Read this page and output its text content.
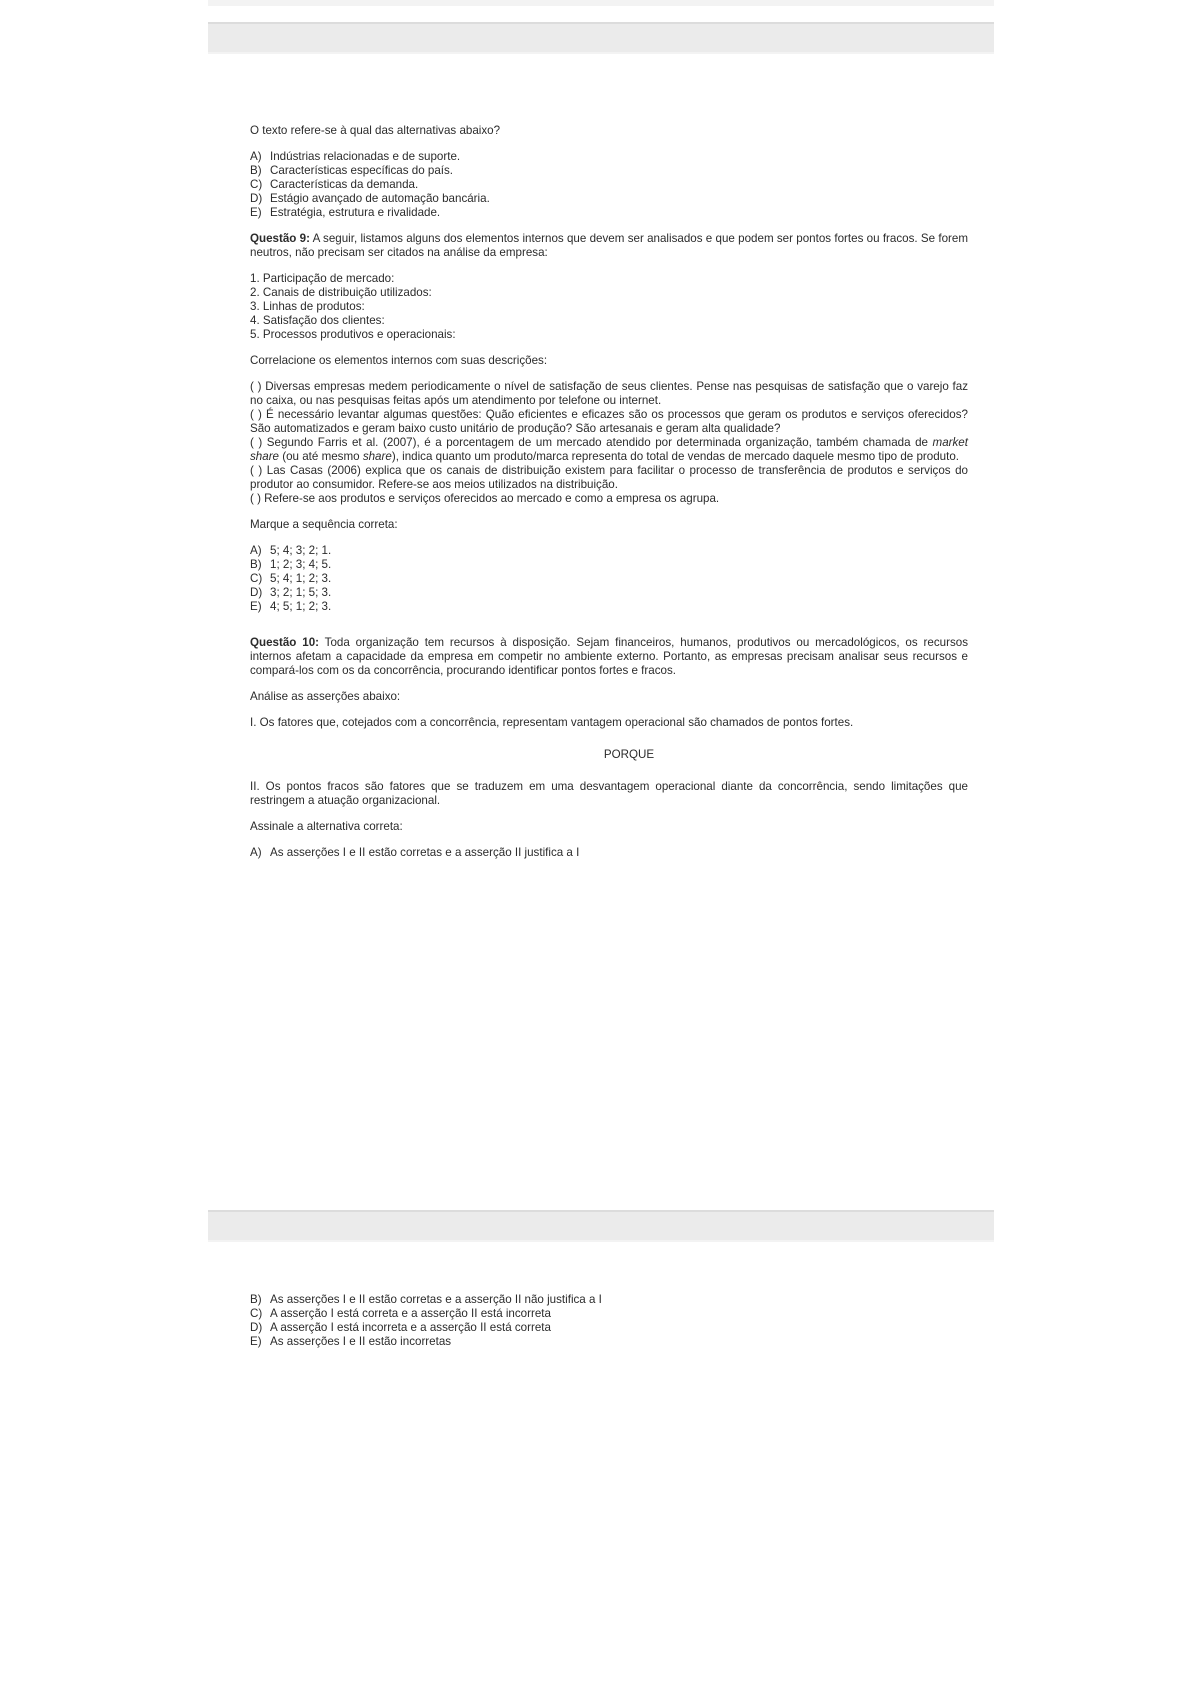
O texto refere-se à qual das alternativas abaixo?

A) Indústrias relacionadas e de suporte.
B) Características específicas do país.
C) Características da demanda.
D) Estágio avançado de automação bancária.
E) Estratégia, estrutura e rivalidade.

Questão 9: A seguir, listamos alguns dos elementos internos que devem ser analisados e que podem ser pontos fortes ou fracos. Se forem neutros, não precisam ser citados na análise da empresa:

1. Participação de mercado:
2. Canais de distribuição utilizados:
3. Linhas de produtos:
4. Satisfação dos clientes:
5. Processos produtivos e operacionais:

Correlacione os elementos internos com suas descrições:

( ) Diversas empresas medem periodicamente o nível de satisfação de seus clientes. Pense nas pesquisas de satisfação que o varejo faz no caixa, ou nas pesquisas feitas após um atendimento por telefone ou internet.

( ) É necessário levantar algumas questões: Quão eficientes e eficazes são os processos que geram os produtos e serviços oferecidos? São automatizados e geram baixo custo unitário de produção? São artesanais e geram alta qualidade?

( ) Segundo Farris et al. (2007), é a porcentagem de um mercado atendido por determinada organização, também chamada de market share (ou até mesmo share), indica quanto um produto/marca representa do total de vendas de mercado daquele mesmo tipo de produto.

( ) Las Casas (2006) explica que os canais de distribuição existem para facilitar o processo de transferência de produtos e serviços do produtor ao consumidor. Refere-se aos meios utilizados na distribuição.

( ) Refere-se aos produtos e serviços oferecidos ao mercado e como a empresa os agrupa.

Marque a sequência correta:

A) 5; 4; 3; 2; 1.
B) 1; 2; 3; 4; 5.
C) 5; 4; 1; 2; 3.
D) 3; 2; 1; 5; 3.
E) 4; 5; 1; 2; 3.

Questão 10: Toda organização tem recursos à disposição. Sejam financeiros, humanos, produtivos ou mercadológicos, os recursos internos afetam a capacidade da empresa em competir no ambiente externo. Portanto, as empresas precisam analisar seus recursos e compará-los com os da concorrência, procurando identificar pontos fortes e fracos.

Análise as asserções abaixo:

I. Os fatores que, cotejados com a concorrência, representam vantagem operacional são chamados de pontos fortes.

PORQUE

II. Os pontos fracos são fatores que se traduzem em uma desvantagem operacional diante da concorrência, sendo limitações que restringem a atuação organizacional.

Assinale a alternativa correta:

A) As asserções I e II estão corretas e a asserção II justifica a I
B) As asserções I e II estão corretas e a asserção II não justifica a I
C) A asserção I está correta e a asserção II está incorreta
D) A asserção I está incorreta e a asserção II está correta
E) As asserções I e II estão incorretas
